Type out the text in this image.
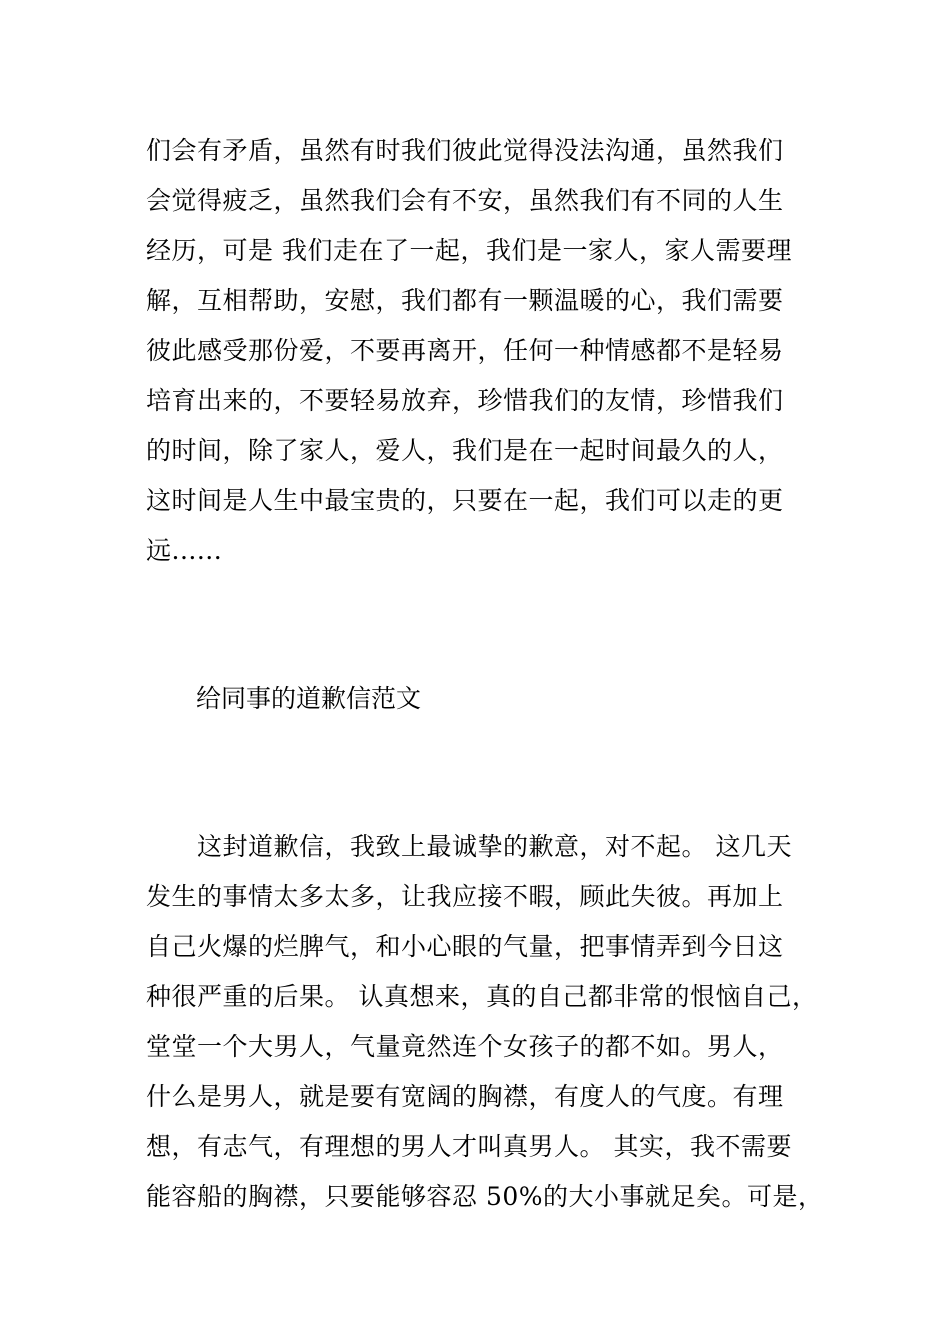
们会有矛盾，虽然有时我们彼此觉得没法沟通，虽然我们
会觉得疲乏，虽然我们会有不安，虽然我们有不同的人生
经历，可是 我们走在了一起，我们是一家人，家人需要理
解，互相帮助，安慰，我们都有一颗温暖的心，我们需要
彼此感受那份爱，不要再离开，任何一种情感都不是轻易
培育出来的，不要轻易放弃，珍惜我们的友情，珍惜我们
的时间，除了家人，爱人，我们是在一起时间最久的人，
这时间是人生中最宝贵的，只要在一起，我们可以走的更
远......
给同事的道歉信范文
　　这封道歉信，我致上最诚挚的歉意，对不起。 这几天
发生的事情太多太多，让我应接不暇，顾此失彼。再加上
自己火爆的烂脾气，和小心眼的气量，把事情弄到今日这
种很严重的后果。 认真想来，真的自己都非常的恨恼自己，
堂堂一个大男人，气量竟然连个女孩子的都不如。男人，
什么是男人，就是要有宽阔的胸襟，有度人的气度。有理
想，有志气，有理想的男人才叫真男人。 其实，我不需要
能容船的胸襟，只要能够容忍 50%的大小事就足矣。可是，
